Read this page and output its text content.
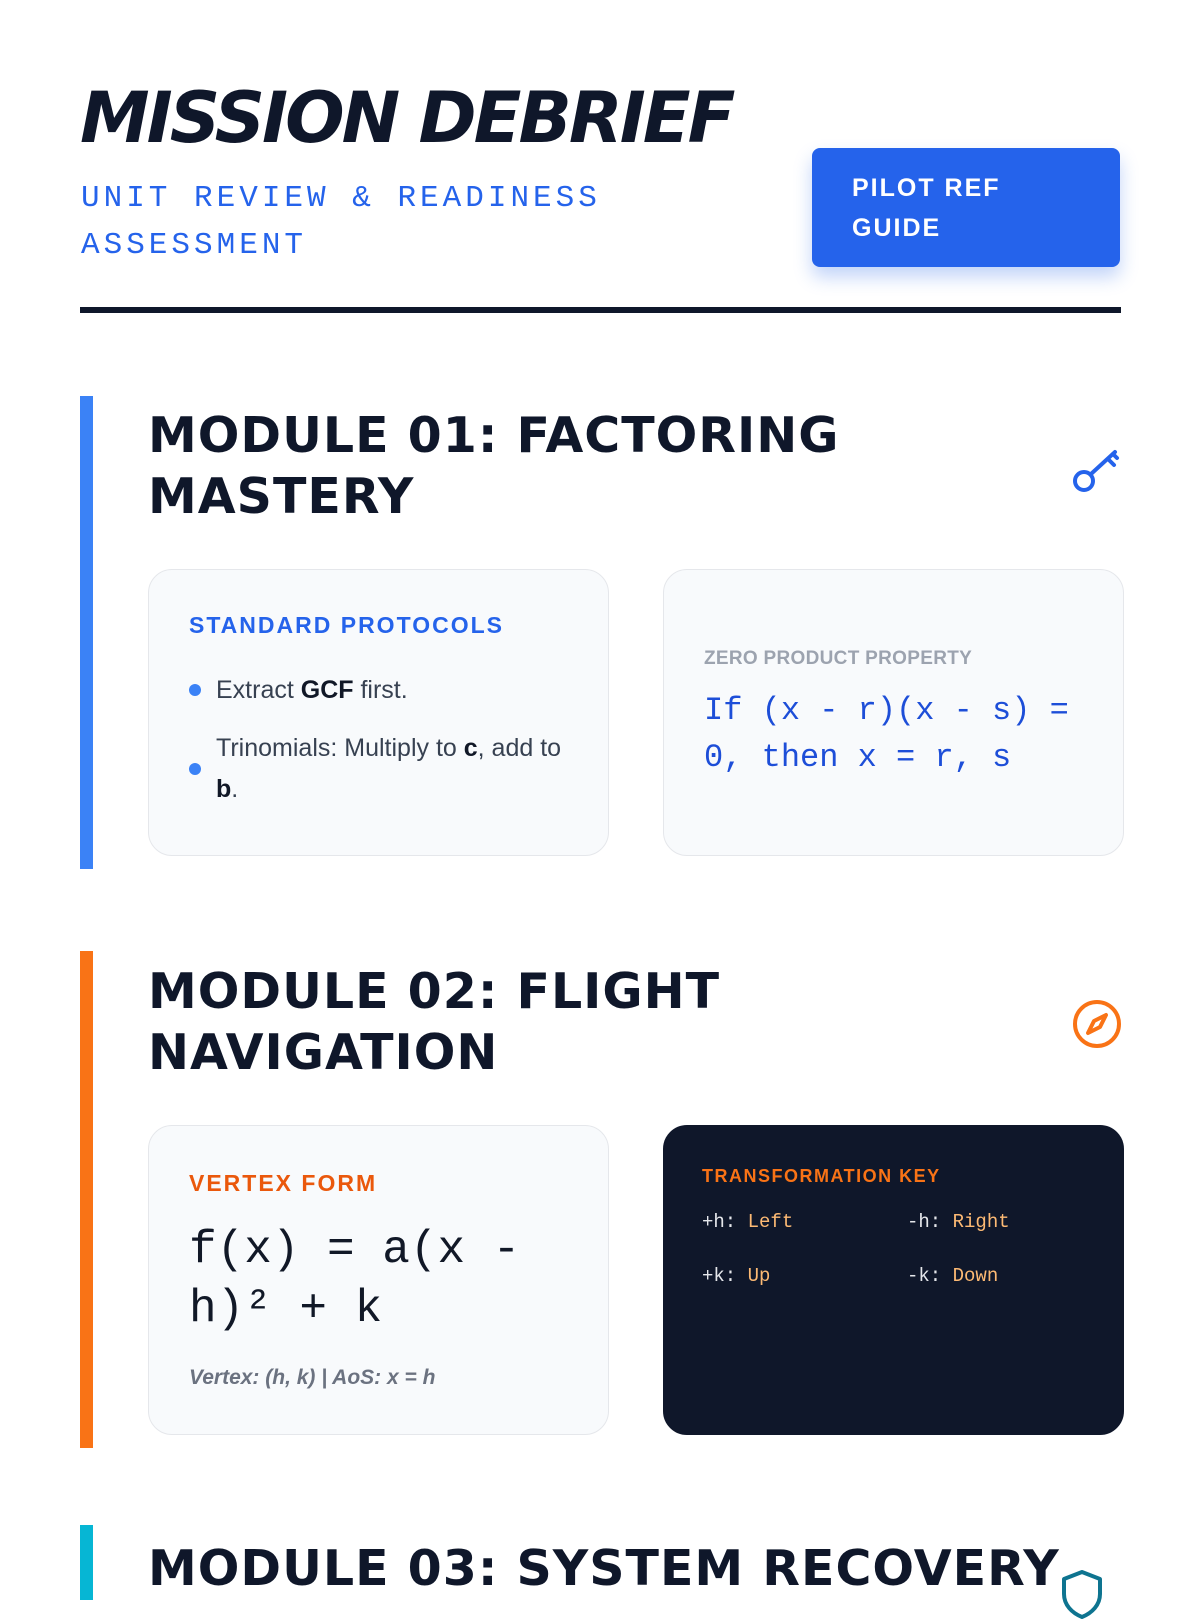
MISSION DEBRIEF

UNIT REVIEW & READINESS ASSESSMENT

PILOT REF GUIDE
MODULE 01: FACTORING MASTERY
STANDARD PROTOCOLS
Extract GCF first.
Trinomials: Multiply to c, add to b.
ZERO PRODUCT PROPERTY

If (x - r)(x - s) = 0, then x = r, s

MODULE 02: FLIGHT NAVIGATION
VERTEX FORM

f(x) = a(x - h)² + k

Vertex: (h, k) | AoS: x = h

TRANSFORMATION KEY
+h: Left	-h: Right
+k: Up	-k: Down
MODULE 03: SYSTEM RECOVERY
